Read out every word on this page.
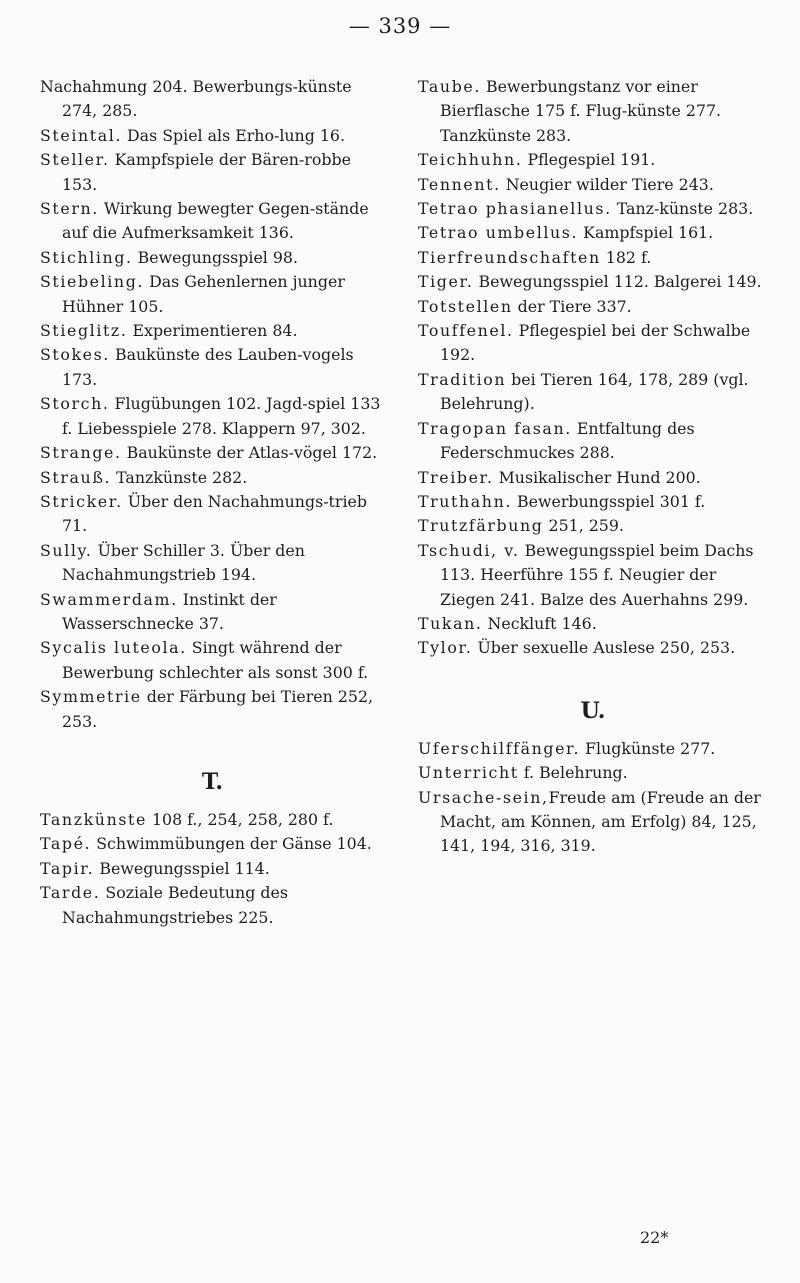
— 339 —
Nachahmung 204. Bewerbungs-künste 274, 285.
Steintal. Das Spiel als Erho-lung 16.
Steller. Kampfspiele der Bären-robbe 153.
Stern. Wirkung bewegter Gegen-stände auf die Aufmerksamkeit 136.
Stichling. Bewegungsspiel 98.
Stiebeling. Das Gehenlernen junger Hühner 105.
Stieglitz. Experimentieren 84.
Stokes. Baukünste des Lauben-vogels 173.
Storch. Flugübungen 102. Jagd-spiel 133 f. Liebesspiele 278. Klappern 97, 302.
Strange. Baukünste der Atlas-vögel 172.
Strauß. Tanzkünste 282.
Stricker. Über den Nachahmungs-trieb 71.
Sully. Über Schiller 3. Über den Nachahmungstrieb 194.
Swammerdam. Instinkt der Wasserschnecke 37.
Sycalis luteola. Singt während der Bewerbung schlechter als sonst 300 f.
Symmetrie der Färbung bei Tieren 252, 253.
T.
Tanzkünste 108 f., 254, 258, 280 f.
Tapé. Schwimmübungen der Gänse 104.
Tapir. Bewegungsspiel 114.
Tarde. Soziale Bedeutung des Nachahmungstriebes 225.
Taube. Bewerbungstanz vor einer Bierflasche 175 f. Flug-künste 277. Tanzkünste 283.
Teichhuhn. Pflegespiel 191.
Tennent. Neugier wilder Tiere 243.
Tetrao phasianellus. Tanz-künste 283.
Tetrao umbellus. Kampfspiel 161.
Tierfreundschaften 182 f.
Tiger. Bewegungsspiel 112. Balgerei 149.
Totstellen der Tiere 337.
Touffenel. Pflegespiel bei der Schwalbe 192.
Tradition bei Tieren 164, 178, 289 (vgl. Belehrung).
Tragopan fasan. Entfaltung des Federschmuckes 288.
Treiber. Musikalischer Hund 200.
Truthahn. Bewerbungsspiel 301 f.
Trutzfärbung 251, 259.
Tschudi, v. Bewegungsspiel beim Dachs 113. Heerführe 155 f. Neugier der Ziegen 241. Balze des Auerhahns 299.
Tukan. Neckluft 146.
Tylor. Über sexuelle Auslese 250, 253.
U.
Uferschilffänger. Flugkünste 277.
Unterricht f. Belehrung.
Ursache-sein,Freude am (Freude an der Macht, am Können, am Erfolg) 84, 125, 141, 194, 316, 319.
22*
